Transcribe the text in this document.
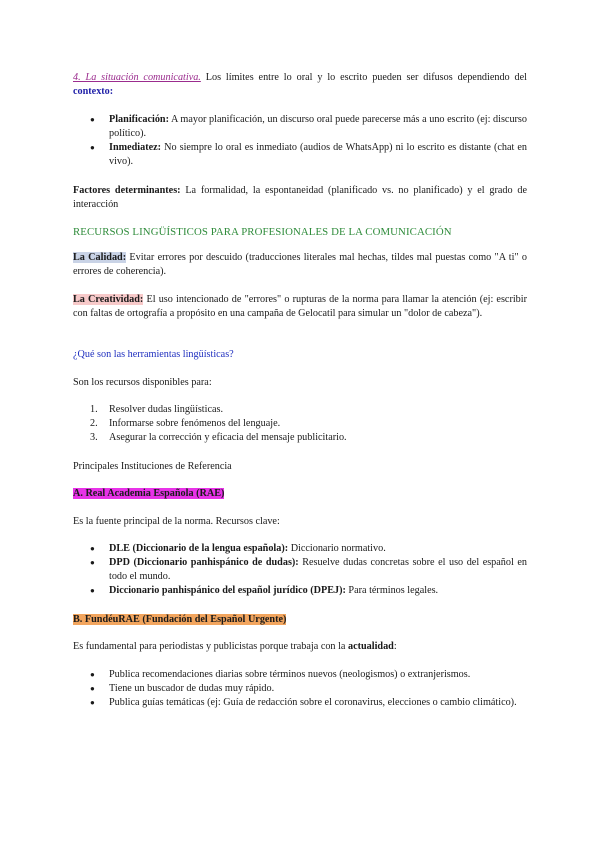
4. La situación comunicativa. Los límites entre lo oral y lo escrito pueden ser difusos dependiendo del contexto:
● Planificación: A mayor planificación, un discurso oral puede parecerse más a uno escrito (ej: discurso político).
● Inmediatez: No siempre lo oral es inmediato (audios de WhatsApp) ni lo escrito es distante (chat en vivo).
Factores determinantes: La formalidad, la espontaneidad (planificado vs. no planificado) y el grado de interacción
RECURSOS LINGÜÍSTICOS PARA PROFESIONALES DE LA COMUNICACIÓN
La Calidad: Evitar errores por descuido (traducciones literales mal hechas, tildes mal puestas como "A ti" o errores de coherencia).
La Creatividad: El uso intencionado de "errores" o rupturas de la norma para llamar la atención (ej: escribir con faltas de ortografía a propósito en una campaña de Gelocatil para simular un "dolor de cabeza").
¿Qué son las herramientas lingüísticas?
Son los recursos disponibles para:
1. Resolver dudas lingüísticas.
2. Informarse sobre fenómenos del lenguaje.
3. Asegurar la corrección y eficacia del mensaje publicitario.
Principales Instituciones de Referencia
A. Real Academia Española (RAE)
Es la fuente principal de la norma. Recursos clave:
● DLE (Diccionario de la lengua española): Diccionario normativo.
● DPD (Diccionario panhispánico de dudas): Resuelve dudas concretas sobre el uso del español en todo el mundo.
● Diccionario panhispánico del español jurídico (DPEJ): Para términos legales.
B. FundéuRAE (Fundación del Español Urgente)
Es fundamental para periodistas y publicistas porque trabaja con la actualidad:
● Publica recomendaciones diarias sobre términos nuevos (neologismos) o extranjerismos.
● Tiene un buscador de dudas muy rápido.
● Publica guías temáticas (ej: Guía de redacción sobre el coronavirus, elecciones o cambio climático).
